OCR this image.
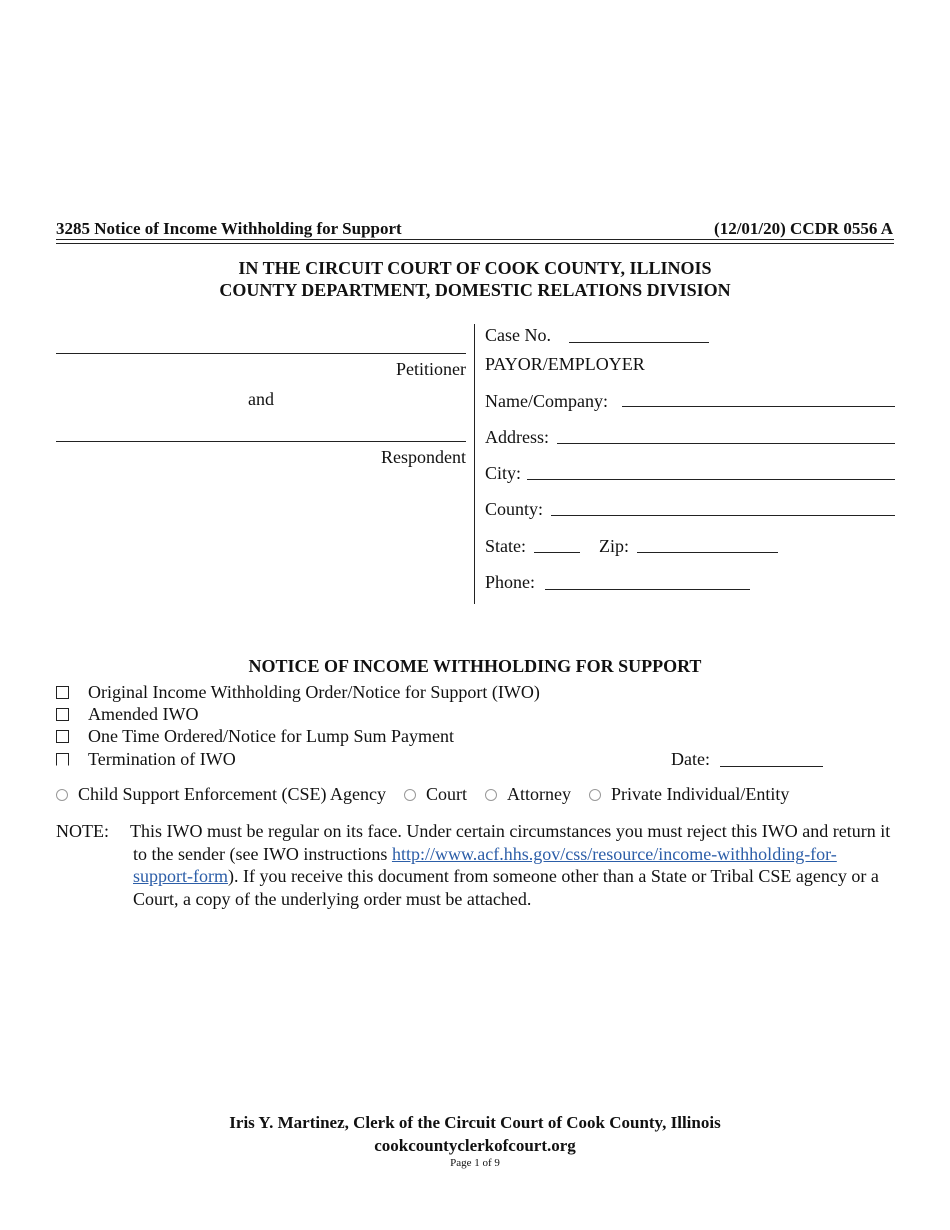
3285 Notice of Income Withholding for Support	(12/01/20) CCDR 0556 A
IN THE CIRCUIT COURT OF COOK COUNTY, ILLINOIS
COUNTY DEPARTMENT, DOMESTIC RELATIONS DIVISION
Petitioner
and
Respondent
Case No.
PAYOR/EMPLOYER
Name/Company:
Address:
City:
County:
State:	Zip:
Phone:
NOTICE OF INCOME WITHHOLDING FOR SUPPORT
Original Income Withholding Order/Notice for Support (IWO)
Amended IWO
One Time Ordered/Notice for Lump Sum Payment
Termination of IWO	Date:
Child Support Enforcement (CSE) Agency Court Attorney Private Individual/Entity
NOTE: This IWO must be regular on its face. Under certain circumstances you must reject this IWO and return it to the sender (see IWO instructions http://www.acf.hhs.gov/css/resource/income-withholding-for-support-form). If you receive this document from someone other than a State or Tribal CSE agency or a Court, a copy of the underlying order must be attached.
Iris Y. Martinez, Clerk of the Circuit Court of Cook County, Illinois
cookcountyclerkofcourt.org
Page 1 of 9
